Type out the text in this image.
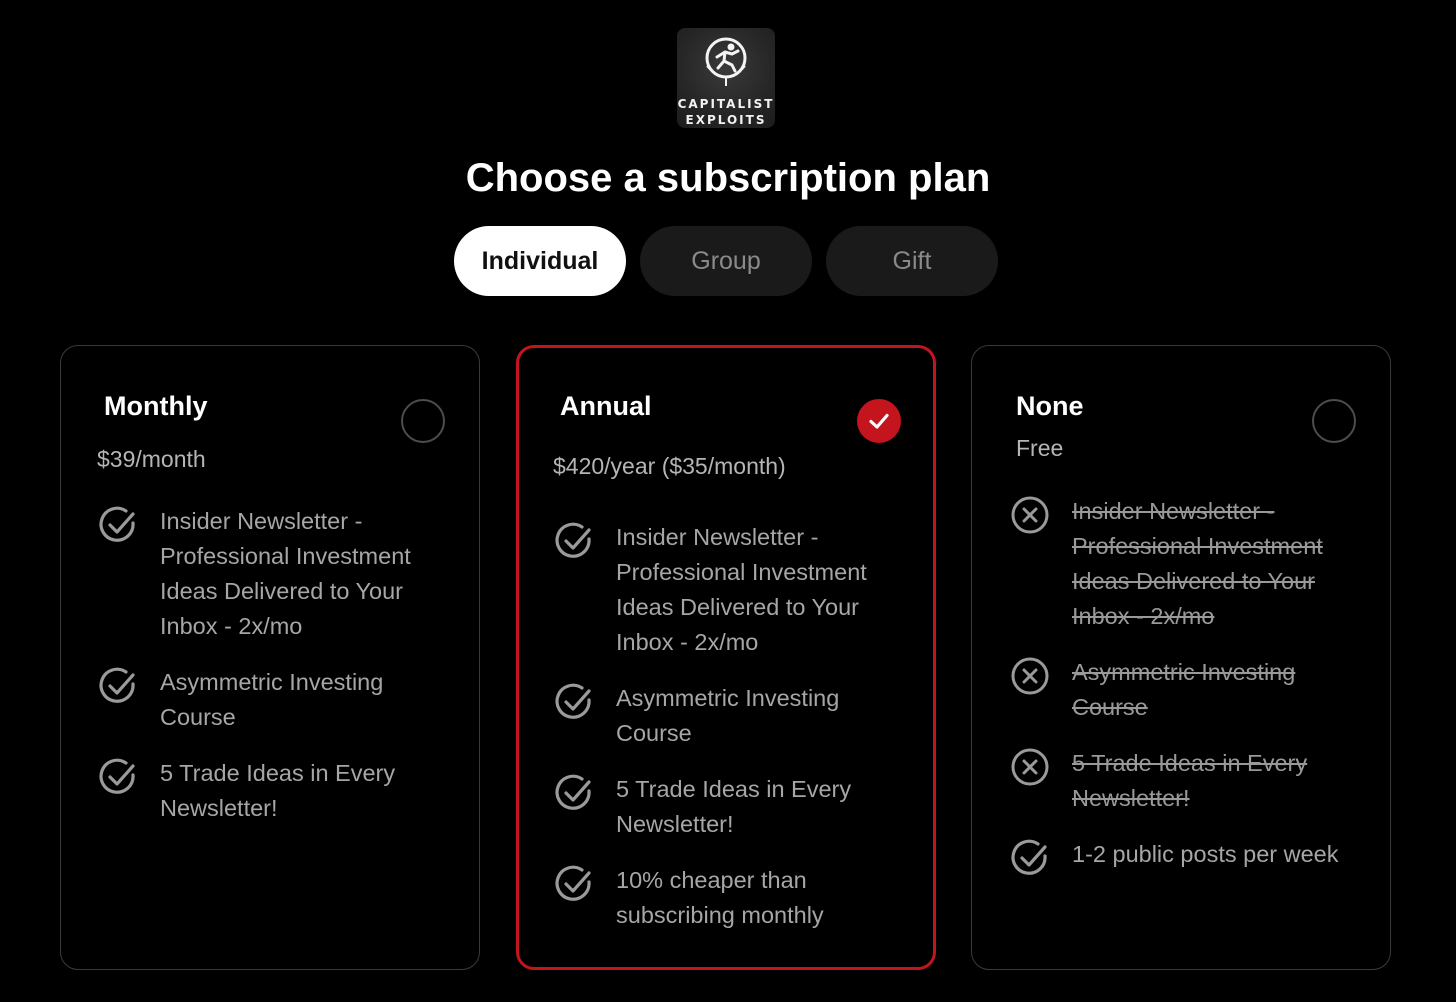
CAPITALIST
EXPLOITS
Choose a subscription plan
Individual	Group	Gift
Monthly
$39/month
Insider Newsletter - Professional Investment Ideas Delivered to Your Inbox - 2x/mo
Asymmetric Investing Course
5 Trade Ideas in Every Newsletter!
Annual
$420/year ($35/month)
Insider Newsletter - Professional Investment Ideas Delivered to Your Inbox - 2x/mo
Asymmetric Investing Course
5 Trade Ideas in Every Newsletter!
10% cheaper than subscribing monthly
None
Free
Insider Newsletter - Professional Investment Ideas Delivered to Your Inbox - 2x/mo
Asymmetric Investing Course
5 Trade Ideas in Every Newsletter!
1-2 public posts per week
